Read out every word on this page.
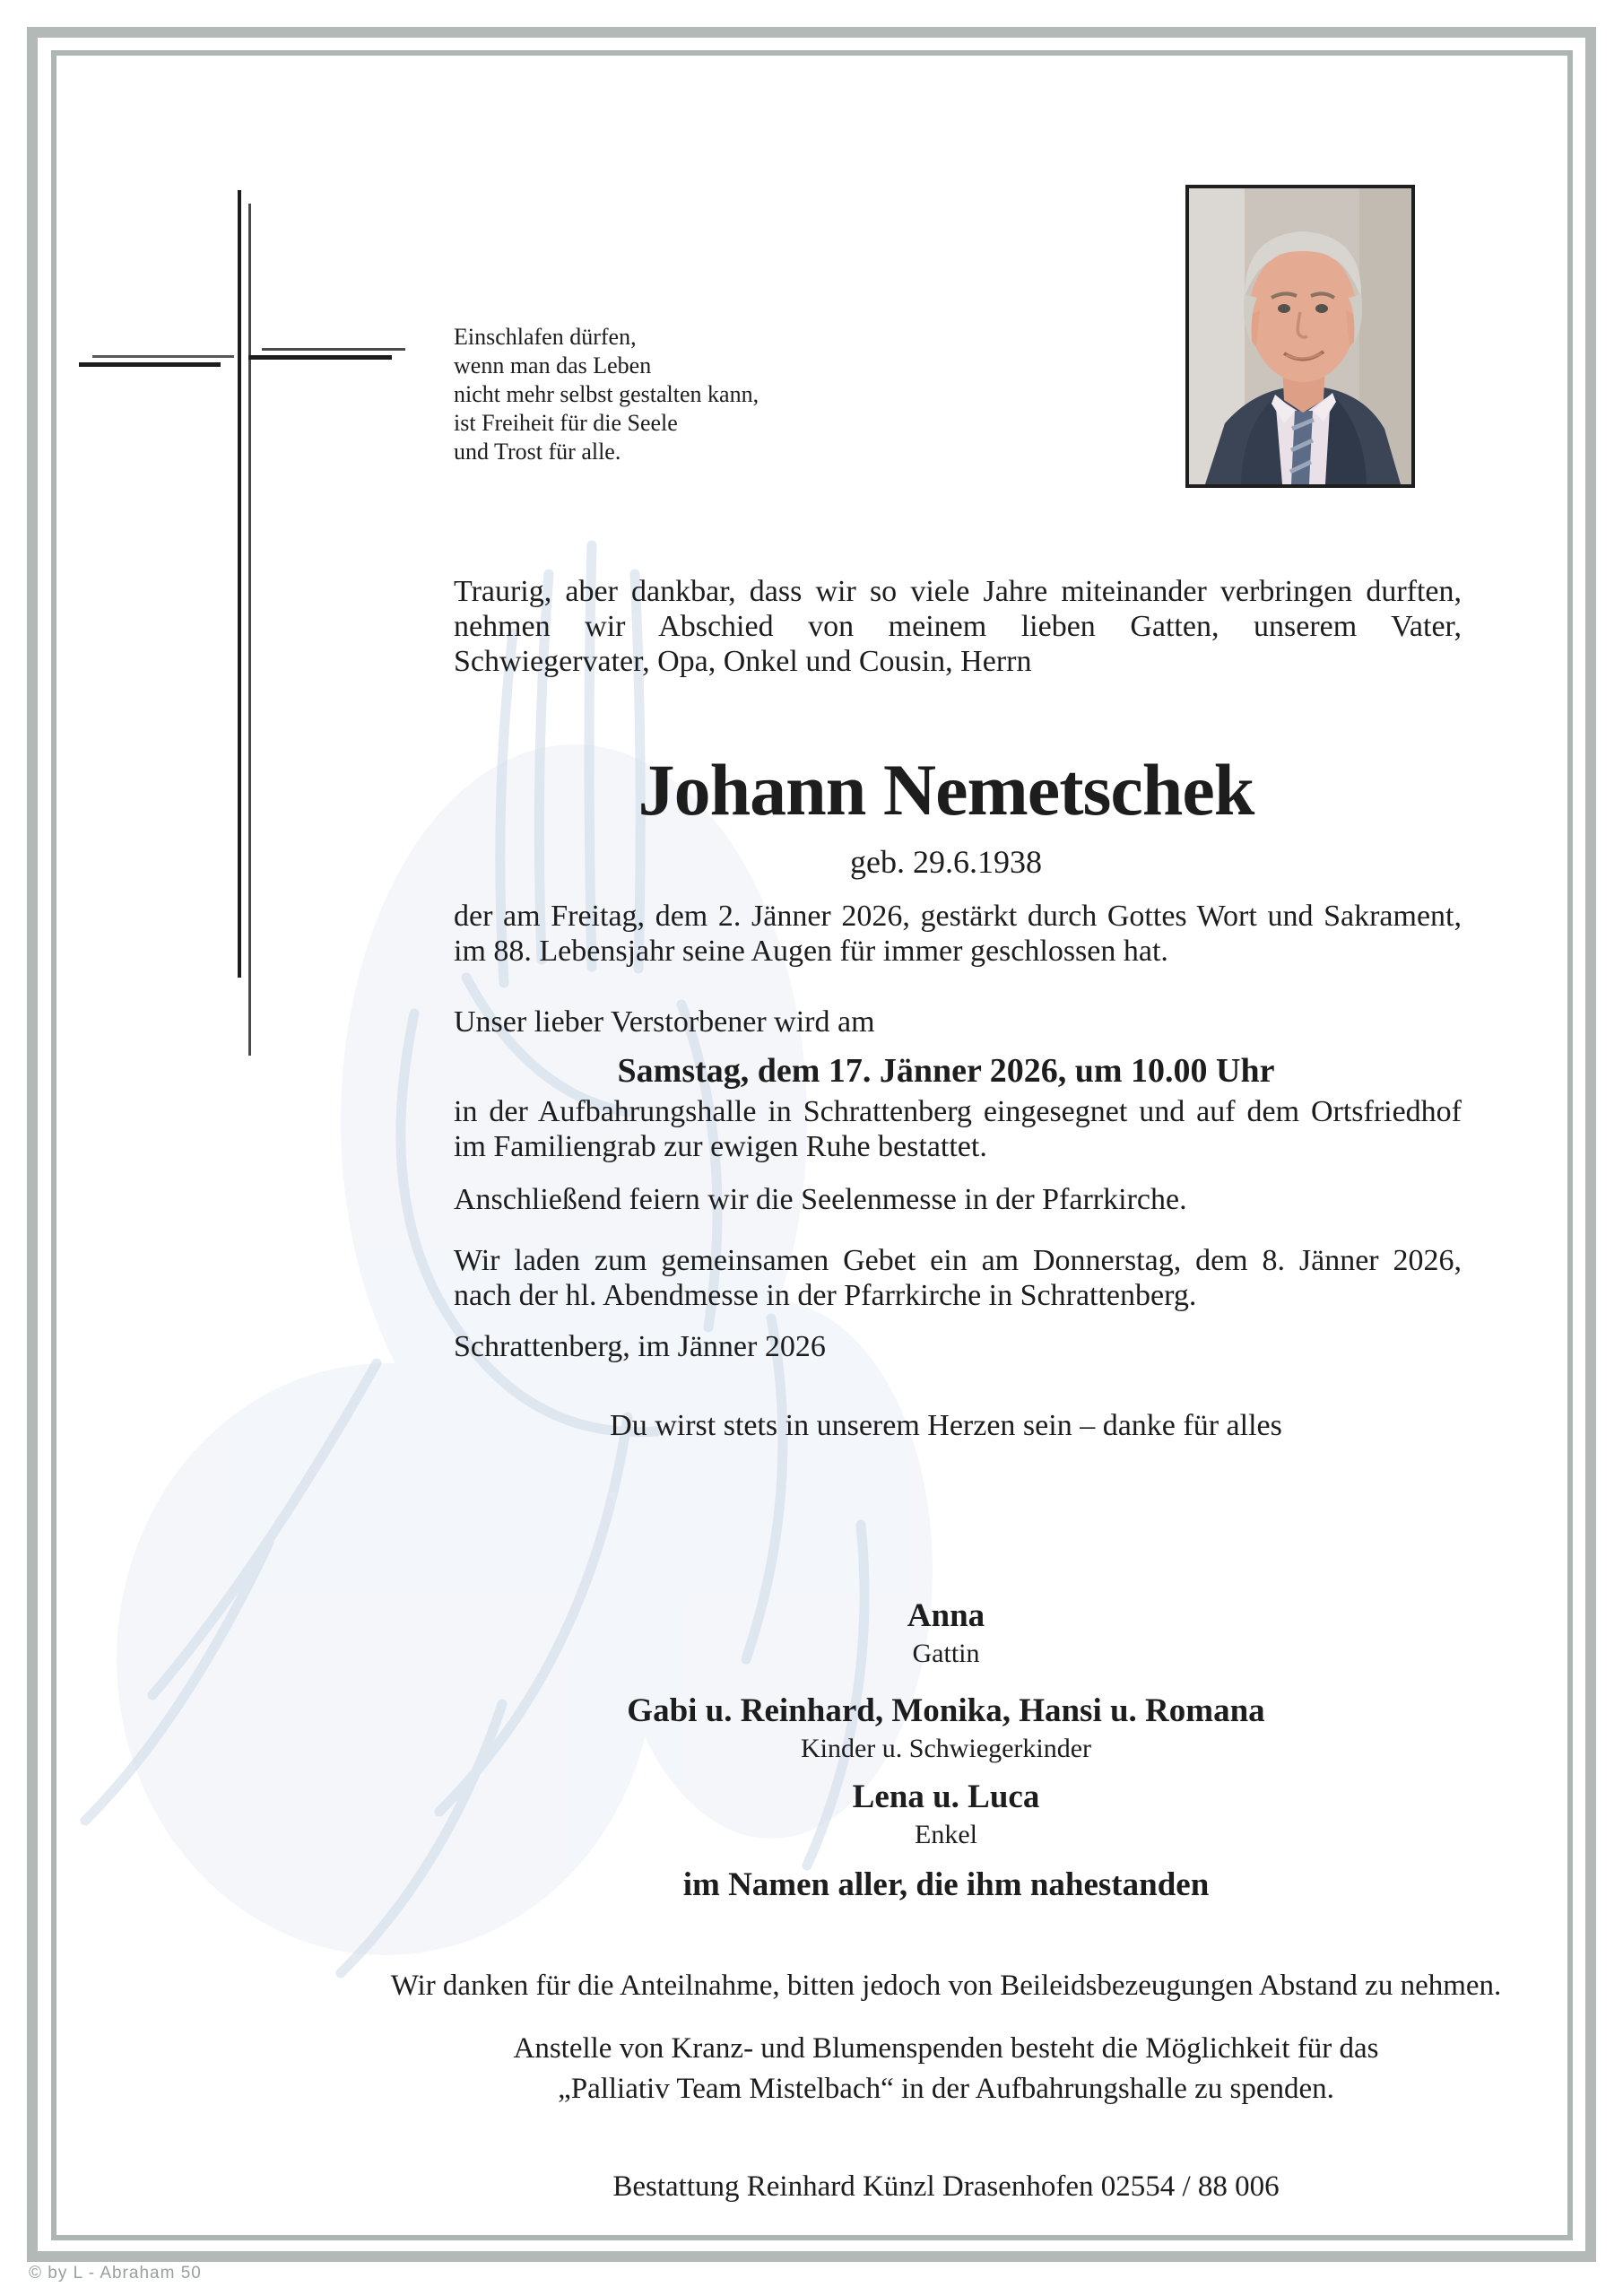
Einschlafen dürfen,
wenn man das Leben
nicht mehr selbst gestalten kann,
ist Freiheit für die Seele
und Trost für alle.
Traurig, aber dankbar, dass wir so viele Jahre miteinander verbringen durften,
nehmen wir Abschied von meinem lieben Gatten, unserem Vater,
Schwiegervater, Opa, Onkel und Cousin, Herrn
Johann Nemetschek
geb. 29.6.1938
der am Freitag, dem 2. Jänner 2026, gestärkt durch Gottes Wort und Sakrament,
im 88. Lebensjahr seine Augen für immer geschlossen hat.
Unser lieber Verstorbener wird am
Samstag, dem 17. Jänner 2026, um 10.00 Uhr
in der Aufbahrungshalle in Schrattenberg eingesegnet und auf dem Ortsfriedhof
im Familiengrab zur ewigen Ruhe bestattet.
Anschließend feiern wir die Seelenmesse in der Pfarrkirche.
Wir laden zum gemeinsamen Gebet ein am Donnerstag, dem 8. Jänner 2026,
nach der hl. Abendmesse in der Pfarrkirche in Schrattenberg.
Schrattenberg, im Jänner 2026
Du wirst stets in unserem Herzen sein – danke für alles
Anna
Gattin
Gabi u. Reinhard, Monika, Hansi u. Romana
Kinder u. Schwiegerkinder
Lena u. Luca
Enkel
im Namen aller, die ihm nahestanden
Wir danken für die Anteilnahme, bitten jedoch von Beileidsbezeugungen Abstand zu nehmen.
Anstelle von Kranz- und Blumenspenden besteht die Möglichkeit für das
„Palliativ Team Mistelbach“ in der Aufbahrungshalle zu spenden.
Bestattung Reinhard Künzl Drasenhofen 02554 / 88 006
© by L - Abraham 50
